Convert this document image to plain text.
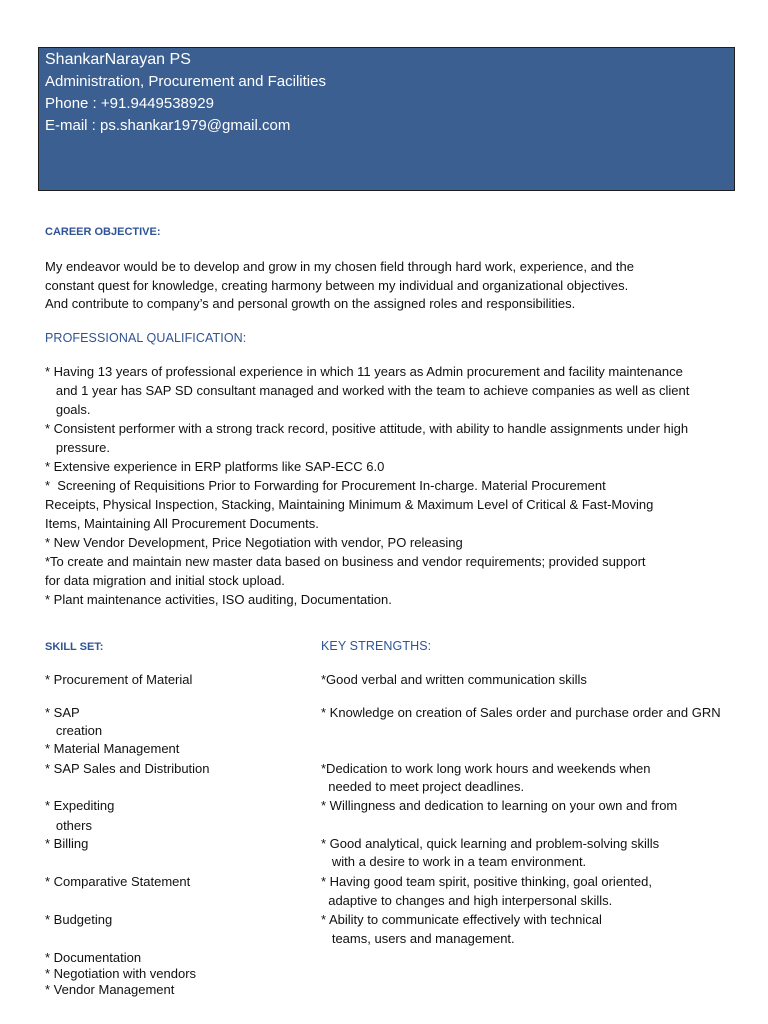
ShankarNarayan PS
Administration, Procurement and Facilities
Phone : +91.9449538929
E-mail : ps.shankar1979@gmail.com
CAREER OBJECTIVE:
My endeavor would be to develop and grow in my chosen field through hard work, experience, and the
constant quest for knowledge, creating harmony between my individual and organizational objectives.
And contribute to company’s and personal growth on the assigned roles and responsibilities.
PROFESSIONAL QUALIFICATION:
* Having 13 years of professional experience in which 11 years as Admin procurement and facility maintenance
and 1 year has SAP SD consultant managed and worked with the team to achieve companies as well as client
goals.
* Consistent performer with a strong track record, positive attitude, with ability to handle assignments under high
pressure.
* Extensive experience in ERP platforms like SAP-ECC 6.0
*  Screening of Requisitions Prior to Forwarding for Procurement In-charge. Material Procurement
Receipts, Physical Inspection, Stacking, Maintaining Minimum & Maximum Level of Critical & Fast-Moving
Items, Maintaining All Procurement Documents.
* New Vendor Development, Price Negotiation with vendor, PO releasing
*To create and maintain new master data based on business and vendor requirements; provided support
for data migration and initial stock upload.
* Plant maintenance activities, ISO auditing, Documentation.
SKILL SET:	KEY STRENGTHS:
* Procurement of Material
* SAP
creation
* Material Management
* SAP Sales and Distribution
* Expediting
others
* Billing
* Comparative Statement
* Budgeting
* Documentation
* Negotiation with vendors
* Vendor Management
*Good verbal and written communication skills
* Knowledge on creation of Sales order and purchase order and GRN
*Dedication to work long work hours and weekends when
needed to meet project deadlines.
* Willingness and dedication to learning on your own and from
* Good analytical, quick learning and problem-solving skills
with a desire to work in a team environment.
* Having good team spirit, positive thinking, goal oriented,
adaptive to changes and high interpersonal skills.
* Ability to communicate effectively with technical
teams, users and management.
